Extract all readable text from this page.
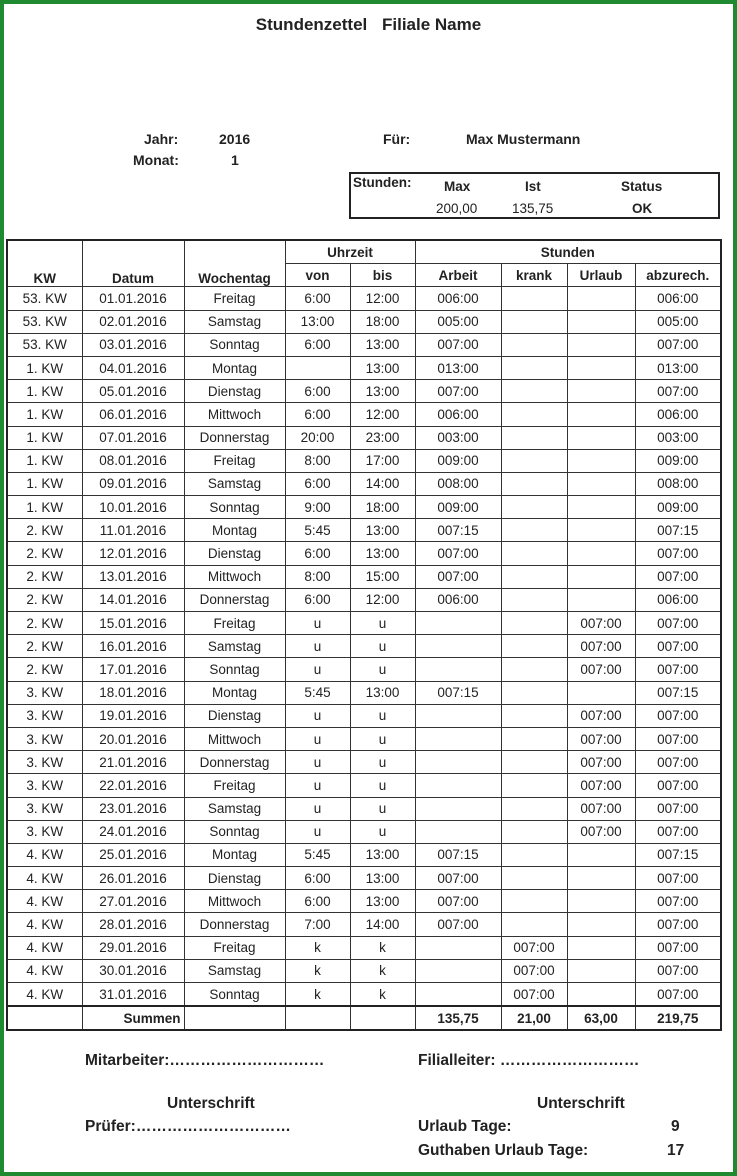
Stundenzettel Filiale Name
Jahr:	2016
Monat:	1
Für:	Max Mustermann
Stunden: Max	Ist	Status
200,00	135,75	OK
KW	Datum	Wochentag	Uhrzeit		Stunden			
			von	bis	Arbeit	krank	Urlaub	abzurech.
53. KW	01.01.2016	Freitag	6:00	12:00	006:00			006:00
53. KW	02.01.2016	Samstag	13:00	18:00	005:00			005:00
53. KW	03.01.2016	Sonntag	6:00	13:00	007:00			007:00
1. KW	04.01.2016	Montag		13:00	013:00			013:00
1. KW	05.01.2016	Dienstag	6:00	13:00	007:00			007:00
1. KW	06.01.2016	Mittwoch	6:00	12:00	006:00			006:00
1. KW	07.01.2016	Donnerstag	20:00	23:00	003:00			003:00
1. KW	08.01.2016	Freitag	8:00	17:00	009:00			009:00
1. KW	09.01.2016	Samstag	6:00	14:00	008:00			008:00
1. KW	10.01.2016	Sonntag	9:00	18:00	009:00			009:00
2. KW	11.01.2016	Montag	5:45	13:00	007:15			007:15
2. KW	12.01.2016	Dienstag	6:00	13:00	007:00			007:00
2. KW	13.01.2016	Mittwoch	8:00	15:00	007:00			007:00
2. KW	14.01.2016	Donnerstag	6:00	12:00	006:00			006:00
2. KW	15.01.2016	Freitag	u	u			007:00	007:00
2. KW	16.01.2016	Samstag	u	u			007:00	007:00
2. KW	17.01.2016	Sonntag	u	u			007:00	007:00
3. KW	18.01.2016	Montag	5:45	13:00	007:15			007:15
3. KW	19.01.2016	Dienstag	u	u			007:00	007:00
3. KW	20.01.2016	Mittwoch	u	u			007:00	007:00
3. KW	21.01.2016	Donnerstag	u	u			007:00	007:00
3. KW	22.01.2016	Freitag	u	u			007:00	007:00
3. KW	23.01.2016	Samstag	u	u			007:00	007:00
3. KW	24.01.2016	Sonntag	u	u			007:00	007:00
4. KW	25.01.2016	Montag	5:45	13:00	007:15			007:15
4. KW	26.01.2016	Dienstag	6:00	13:00	007:00			007:00
4. KW	27.01.2016	Mittwoch	6:00	13:00	007:00			007:00
4. KW	28.01.2016	Donnerstag	7:00	14:00	007:00			007:00
4. KW	29.01.2016	Freitag	k	k		007:00		007:00
4. KW	30.01.2016	Samstag	k	k		007:00		007:00
4. KW	31.01.2016	Sonntag	k	k		007:00		007:00
	Summen				135,75	21,00	63,00	219,75
Mitarbeiter:…………………………	Filialleiter: ………………………
Unterschrift	Unterschrift
Prüfer:…………………………	Urlaub Tage:	9
Guthaben Urlaub Tage:	17
